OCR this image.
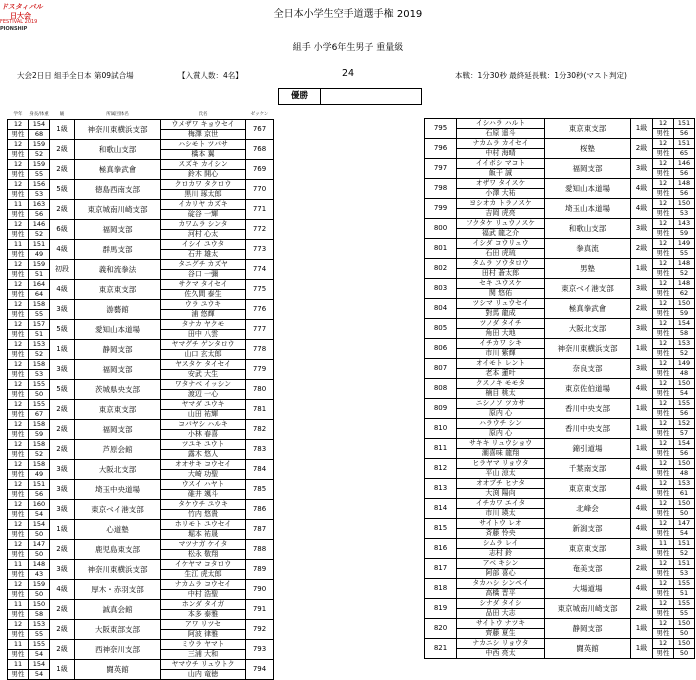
ドスタィバル
日大会
FESTIVAL 2019
PIONSHIP
全日本小学生空手道選手権 2019
組手 小学6年生男子 重量級
大会2日日 組手全日本 第09試合場	【入賞人数：4名】	24	本戦：1分30秒 最終延長戦：1分30秒(マスト判定)
優勝
学年	身長/体重	級	所属団体名	氏名	ゼッケン
12	154	1級	神奈川東横浜支部	ウメザワ キョウセイ	767
男性	68			梅澤 京世	
12	159	2級	和歌山支部	ハシモト ツバサ	768
男性	52			橋本 翼	
12	159	2級	極真拳武會	スズキ カイシン	769
男性	55			鈴木 開心	
12	156	5級	徳島西南支部	クロカワ タクロウ	770
男性	53			黒川 琢太郎	
11	163	2級	東京城南川崎支部	イカリヤ カズキ	771
男性	56			碇谷 一輝	
12	146	6級	福岡支部	カワムラ シンタ	772
男性	52			河村 心太	
11	151	4級	群馬支部	イシイ ユウタ	773
男性	49			石井 雄太	
12	159	初段	義和流拳法	タニグチ カズヤ	774
男性	51			谷口 一彌	
12	164	4級	東京東支部	サクマ タイセイ	775
男性	64			佐久間 泰生	
12	158	3級	游藝館	ウラ ユウキ	776
男性	55			浦 悠輝	
12	157	5級	愛知山本道場	タナカ ヤクモ	777
男性	51			田中 八雲	
12	153	1級	静岡支部	ヤマグチ ゲンタロウ	778
男性	52			山口 玄太郎	
12	158	3級	福岡支部	ヤスタケ タイセイ	779
男性	53			安武 大生	
12	155	5級	茨城県央支部	ワタナベ イッシン	780
男性	50			渡辺 一心	
12	155	2級	東京東支部	ヤマダ ユウキ	781
男性	67			山田 祐輝	
12	158	2級	福岡支部	コバヤシ ハルキ	782
男性	59			小林 春喜	
12	158	2級	芦原会館	ツユキ ユウト	783
男性	52			露木 悠人	
12	158	3級	大阪北支部	オオサキ コウセイ	784
男性	49			大崎 功聖	
12	151	3級	埼玉中央道場	ウスイ ハヤト	785
男性	56			碓井 颯斗	
12	160	3級	東京ベイ港支部	タケウチ ユウキ	786
男性	54			竹内 悠貴	
12	154	1級	心道塾	ホリモト ユウセイ	787
男性	50			堀本 祐晟	
12	147	2級	鹿児島東支部	マツナガ ケイタ	788
男性	50			松永 敬翔	
11	148	3級	神奈川東横浜支部	イケヤマ コタロウ	789
男性	43			生江 虎太郎	
12	159	4級	厚木・赤羽支部	ナカムラ コウセイ	790
男性	50			中村 浩聖	
11	150	2級	誠真会館	ホンダ タイガ	791
男性	58			本多 泰雅	
12	153	2級	大阪東部支部	アワ リツセ	792
男性	55			阿波 律雅	
11	155	2級	西神奈川支部	ミウラ ヤマト	793
男性	54			三浦 大和	
11	154	1級	闘英館	ヤマウチ リュウトク	794
男性	54			山内 竜徳	
795	イシハラ ハルト	東京東支部	1級	12	151
	石原 遥斗			男性	56
796	ナカムラ カイセイ	桜塾	2級	12	151
	中村 海晴			男性	65
797	イイボシ マコト	福岡支部	3級	12	146
	飯干 誠			男性	56
798	オザワ タイスケ	愛知山本道場	4級	12	148
	小澤 大祐			男性	56
799	ヨシオカ トラノスケ	埼玉山本道場	4級	12	150
	吉岡 虎亮			男性	53
800	フクタケ リュウノスケ	和歌山支部	3級	12	143
	福武 龍之介			男性	59
801	イシダ コウリュウ	拳真流	2級	12	149
	石田 虎琉			男性	55
802	タムラ ソウタロウ	男塾	1級	12	148
	田村 蒼太郎			男性	52
803	セキ ユウスケ	東京ベイ港支部	3級	12	148
	関 悠佑			男性	62
804	ツシマ リュウセイ	極真拳武會	2級	12	150
	對馬 龍成			男性	59
805	ツノダ タイチ	大阪北支部	3級	12	154
	角田 大地			男性	58
806	イチカワ シキ	神奈川東横浜支部	1級	12	153
	市川 紫輝			男性	52
807	オイモト レント	奈良支部	3級	12	149
	老本 蓮叶			男性	48
808	クスノキ モモタ	東京佐伯道場	4級	12	150
	楠目 桃太			男性	54
809	ニシノソ ツカサ	香川中央支部	1級	12	155
	原内 心			男性	56
810	ハラウチ シン	香川中央支部	1級	12	152
	原内 心			男性	57
811	サキキ リュウショウ	錦引道場	1級	12	154
	潮喜味 龍翔			男性	56
812	ヒラヤマ リョウタ	千葉南支部	4級	12	150
	平山 涼太			男性	48
813	オオブチ ヒナタ	東京東支部	4級	12	153
	大渕 陽向			男性	61
814	イチカワ エイタ	北峰会	4級	12	150
	市川 瑛太			男性	50
815	サイトウ レオ	新潟支部	4級	12	147
	斉藤 怜央			男性	54
816	シムラ レイ	東京東支部	3級	11	151
	志村 鈴			男性	52
817	アベ キシン	奄美支部	2級	12	151
	阿部 喜心			男性	53
818	タカハシ シンペイ	大場道場	4級	12	155
	高橋 晋平			男性	51
819	シナダ タイシ	東京城南川崎支部	2級	12	155
	品田 大志			男性	55
820	サイトウ ナツキ	静岡支部	1級	12	150
	齊藤 夏生			男性	50
821	ナカニシ リョウタ	闘英館	1級	12	150
	中西 亮太			男性	50
